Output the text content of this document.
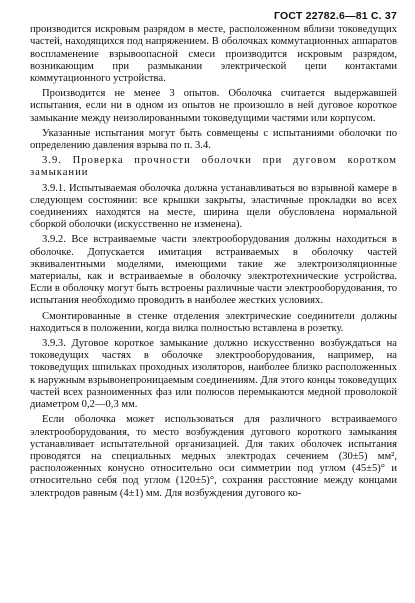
ГОСТ 22782.6—81 С. 37

производится искровым разрядом в месте, расположенном вблизи токоведущих частей, находящихся под напряжением. В оболочках коммутационных аппаратов воспламенение взрывоопасной смеси производится искровым разрядом, возникающим при размыкании электрической цепи контактами коммутационного устройства.

Производится не менее 3 опытов. Оболочка считается выдержавшей испытания, если ни в одном из опытов не произошло в ней дуговое короткое замыкание между неизолированными токоведущими частями или корпусом.

Указанные испытания могут быть совмещены с испытаниями оболочки по определению давления взрыва по п. 3.4.

3.9. Проверка прочности оболочки при дуговом коротком замыкании

3.9.1. Испытываемая оболочка должна устанавливаться во взрывной камере в следующем состоянии: все крышки закрыты, эластичные прокладки во всех соединениях находятся на месте, ширина щели обусловлена нормальной сборкой оболочки (искусственно не изменена).

3.9.2. Все встраиваемые части электрооборудования должны находиться в оболочке. Допускается имитация встраиваемых в оболочку частей эквивалентными моделями, имеющими такие же электроизоляционные материалы, как и встраиваемые в оболочку электротехнические устройства. Если в оболочку могут быть встроены различные части электрооборудования, то испытания необходимо проводить в наиболее жестких условиях.

Смонтированные в стенке отделения электрические соединители должны находиться в положении, когда вилка полностью вставлена в розетку.

3.9.3. Дуговое короткое замыкание должно искусственно возбуждаться на токоведущих частях в оболочке электрооборудования, например, на токоведущих шпильках проходных изоляторов, наиболее близко расположенных к наружным взрывонепроницаемым соединениям. Для этого концы токоведущих частей всех разноименных фаз или полюсов перемыкаются медной проволокой диаметром 0,2—0,3 мм.

Если оболочка может использоваться для различного встраиваемого электрооборудования, то место возбуждения дугового короткого замыкания устанавливает испытательной организацией. Для таких оболочек испытания проводятся на специальных медных электродах сечением (30±5) мм², расположенных конусно относительно оси симметрии под углом (45±5)° и относительно себя под углом (120±5)°, сохраняя расстояние между концами электродов равным (4±1) мм. Для возбуждения дугового ко-
